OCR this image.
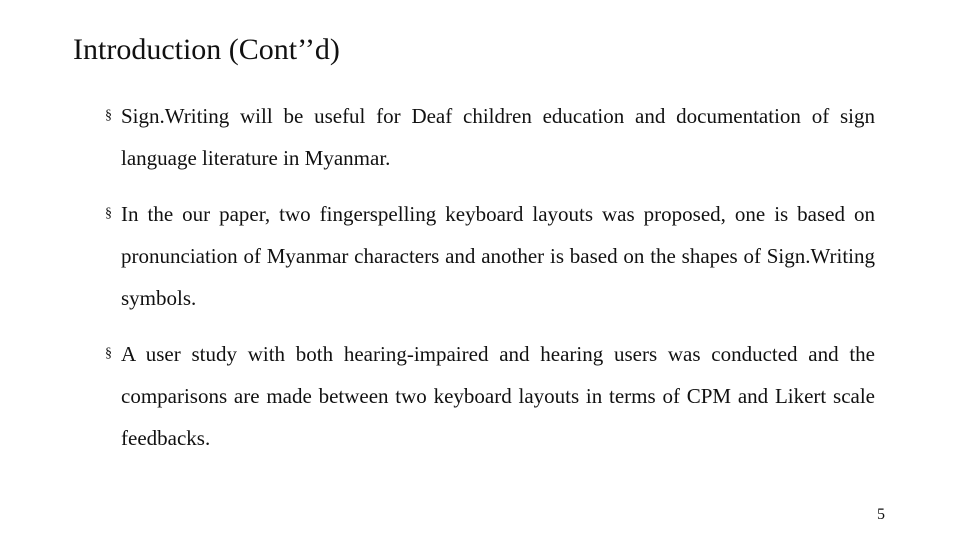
Introduction (Cont’’d)
§ Sign.Writing will be useful for Deaf children education and documentation of sign language literature in Myanmar.
§ In the our paper, two fingerspelling keyboard layouts was proposed, one is based on pronunciation of Myanmar characters and another is based on the shapes of Sign.Writing symbols.
§ A user study with both hearing-impaired and hearing users was conducted and the comparisons are made between two keyboard layouts in terms of CPM and Likert scale feedbacks.
5
